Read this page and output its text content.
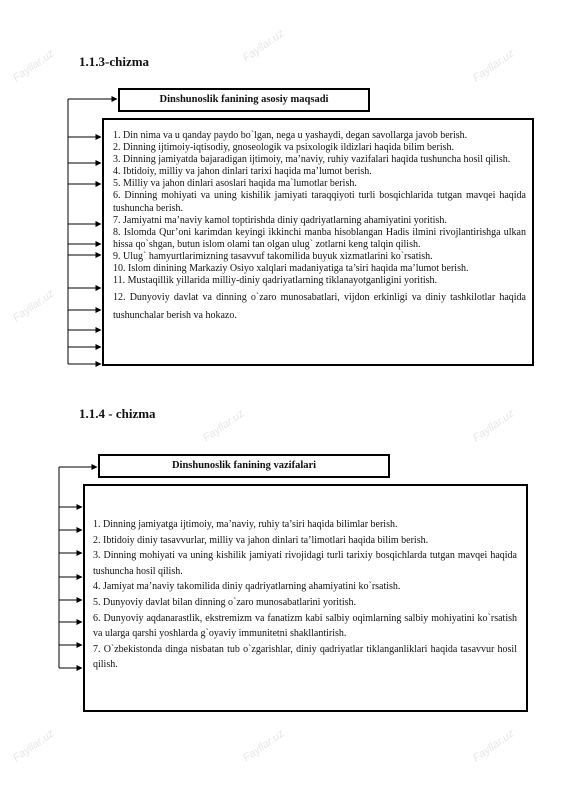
Fayllar.uz
Fayllar.uz
Fayllar.uz
Fayllar.uz
Fayllar.uz	Fayllar.uz
Fayllar.uz	Fayllar.uz	Fayllar.uz
1.1.3-chizma
Dinshunoslik fanining asosiy maqsadi

1. Din nima va u qanday paydo bo`lgan, nega u yashaydi, degan savollarga javob berish.

2. Dinning ijtimoiy-iqtisodiy, gnoseologik va psixologik ildizlari haqida bilim berish.

3. Dinning jamiyatda bajaradigan ijtimoiy, ma’naviy, ruhiy vazifalari haqida tushuncha hosil qilish.

4. Ibtidoiy, milliy va jahon dinlari tarixi haqida ma’lumot berish.

5. Milliy va jahon dinlari asoslari haqida ma`lumotlar berish.

6. Dinning mohiyati va uning kishilik jamiyati taraqqiyoti turli bosqichlarida tutgan mavqei haqida tushuncha berish.

7. Jamiyatni ma’naviy kamol toptirishda diniy qadriyatlarning ahamiyatini yoritish.

8. Islomda Qur’oni karimdan keyingi ikkinchi manba hisoblangan Hadis ilmini rivojlantirishga ulkan hissa qo`shgan, butun islom olami tan olgan ulug` zotlarni keng talqin qilish.

9. Ulug` hamyurtlarimizning tasavvuf takomilida buyuk xizmatlarini ko`rsatish.

10. Islom dinining Markaziy Osiyo xalqlari madaniyatiga ta’siri haqida ma’lumot berish.

11. Mustaqillik yillarida milliy-diniy qadriyatlarning tiklanayotganligini yoritish.

12. Dunyoviy davlat va dinning o`zaro munosabatlari, vijdon erkinligi va diniy tashkilotlar haqida tushunchalar berish va hokazo.

1.1.4 - chizma
Dinshunoslik fanining vazifalari

1. Dinning jamiyatga ijtimoiy, ma’naviy, ruhiy ta’siri haqida bilimlar berish.

2. Ibtidoiy diniy tasavvurlar, milliy va jahon dinlari ta’limotlari haqida bilim berish.

3. Dinning mohiyati va uning kishilik jamiyati rivojidagi turli tarixiy bosqichlarda tutgan mavqei haqida tushuncha hosil qilish.

4. Jamiyat ma’naviy takomilida diniy qadriyatlarning ahamiyatini ko`rsatish.

5. Dunyoviy davlat bilan dinning o`zaro munosabatlarini yoritish.

6. Dunyoviy aqdanarastlik, ekstremizm va fanatizm kabi salbiy oqimlarning salbiy mohiyatini ko`rsatish va ularga qarshi yoshlarda g`oyaviy immunitetni shakllantirish.

7. O`zbekistonda dinga nisbatan tub o`zgarishlar, diniy qadriyatlar tiklanganliklari haqida tasavvur hosil qilish.
